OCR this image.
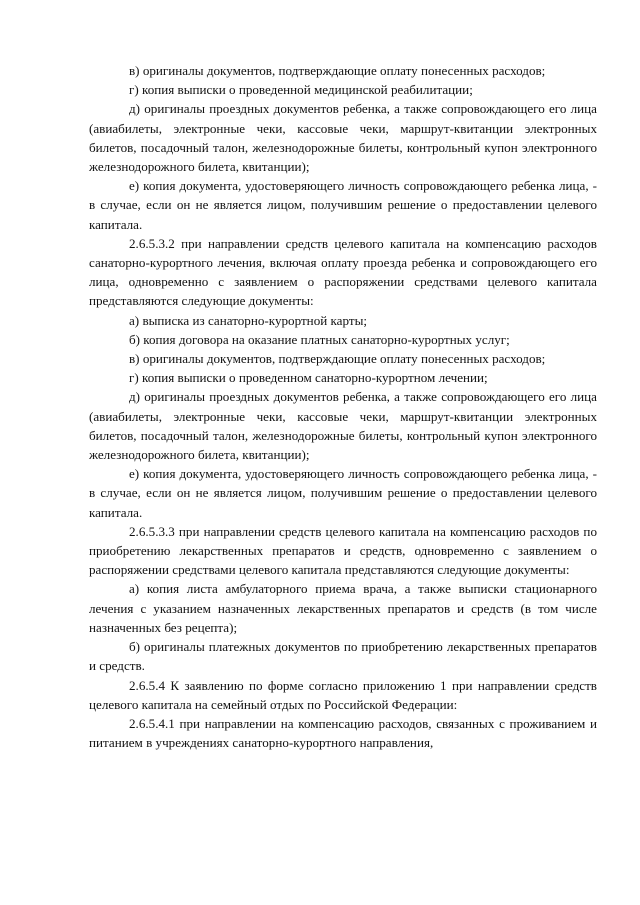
в) оригиналы документов, подтверждающие оплату понесенных расходов;

г) копия выписки о проведенной медицинской реабилитации;

д) оригиналы проездных документов ребенка, а также сопровождающего его лица (авиабилеты, электронные чеки, кассовые чеки, маршрут-квитанции электронных билетов, посадочный талон, железнодорожные билеты, контрольный купон электронного железнодорожного билета, квитанции);

е) копия документа, удостоверяющего личность сопровождающего ребенка лица, - в случае, если он не является лицом, получившим решение о предоставлении целевого капитала.

2.6.5.3.2 при направлении средств целевого капитала на компенсацию расходов санаторно-курортного лечения, включая оплату проезда ребенка и сопровождающего его лица, одновременно с заявлением о распоряжении средствами целевого капитала представляются следующие документы:

а) выписка из санаторно-курортной карты;

б) копия договора на оказание платных санаторно-курортных услуг;

в) оригиналы документов, подтверждающие оплату понесенных расходов;

г) копия выписки о проведенном санаторно-курортном лечении;

д) оригиналы проездных документов ребенка, а также сопровождающего его лица (авиабилеты, электронные чеки, кассовые чеки, маршрут-квитанции электронных билетов, посадочный талон, железнодорожные билеты, контрольный купон электронного железнодорожного билета, квитанции);

е) копия документа, удостоверяющего личность сопровождающего ребенка лица, - в случае, если он не является лицом, получившим решение о предоставлении целевого капитала.

2.6.5.3.3 при направлении средств целевого капитала на компенсацию расходов по приобретению лекарственных препаратов и средств, одновременно с заявлением о распоряжении средствами целевого капитала представляются следующие документы:

а) копия листа амбулаторного приема врача, а также выписки стационарного лечения с указанием назначенных лекарственных препаратов и средств (в том числе назначенных без рецепта);

б) оригиналы платежных документов по приобретению лекарственных препаратов и средств.

2.6.5.4 К заявлению по форме согласно приложению 1 при направлении средств целевого капитала на семейный отдых по Российской Федерации:

2.6.5.4.1 при направлении на компенсацию расходов, связанных с проживанием и питанием в учреждениях санаторно-курортного направления,
